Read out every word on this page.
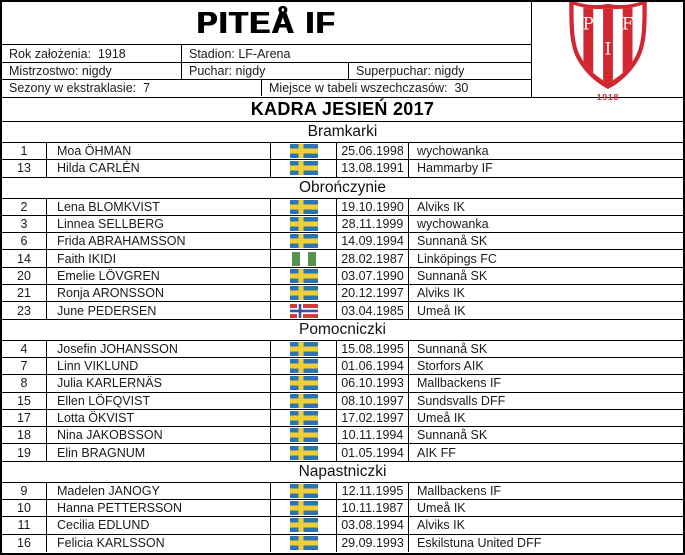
PITEÅ IF
Rok założenia:  1918	Stadion: LF-Arena
Mistrzostwo: nigdy	Puchar: nigdy	Superpuchar: nigdy
Sezony w ekstraklasie:  7	Miejsce w tabeli wszechczasów:  30
P
I
F
1918
KADRA JESIEŃ 2017
Bramkarki
1	Moa ÖHMAN	25.06.1998	wychowanka
13	Hilda CARLÉN	13.08.1991	Hammarby IF
Obrończynie
2	Lena BLOMKVIST	19.10.1990	Alviks IK
3	Linnea SELLBERG	28.11.1999	wychowanka
6	Frida ABRAHAMSSON	14.09.1994	Sunnanå SK
14	Faith IKIDI	28.02.1987	Linköpings FC
20	Emelie LÖVGREN	03.07.1990	Sunnanå SK
21	Ronja ARONSSON	20.12.1997	Alviks IK
23	June PEDERSEN	03.04.1985	Umeå IK
Pomocniczki
4	Josefin JOHANSSON	15.08.1995	Sunnanå SK
7	Linn VIKLUND	01.06.1994	Storfors AIK
8	Julia KARLERNÄS	06.10.1993	Mallbackens IF
15	Ellen LÖFQVIST	08.10.1997	Sundsvalls DFF
17	Lotta ÖKVIST	17.02.1997	Umeå IK
18	Nina JAKOBSSON	10.11.1994	Sunnanå SK
19	Elin BRAGNUM	01.05.1994	AIK FF
Napastniczki
9	Madelen JANOGY	12.11.1995	Mallbackens IF
10	Hanna PETTERSSON	10.11.1987	Umeå IK
11	Cecilia EDLUND	03.08.1994	Alviks IK
16	Felicia KARLSSON	29.09.1993	Eskilstuna United DFF
